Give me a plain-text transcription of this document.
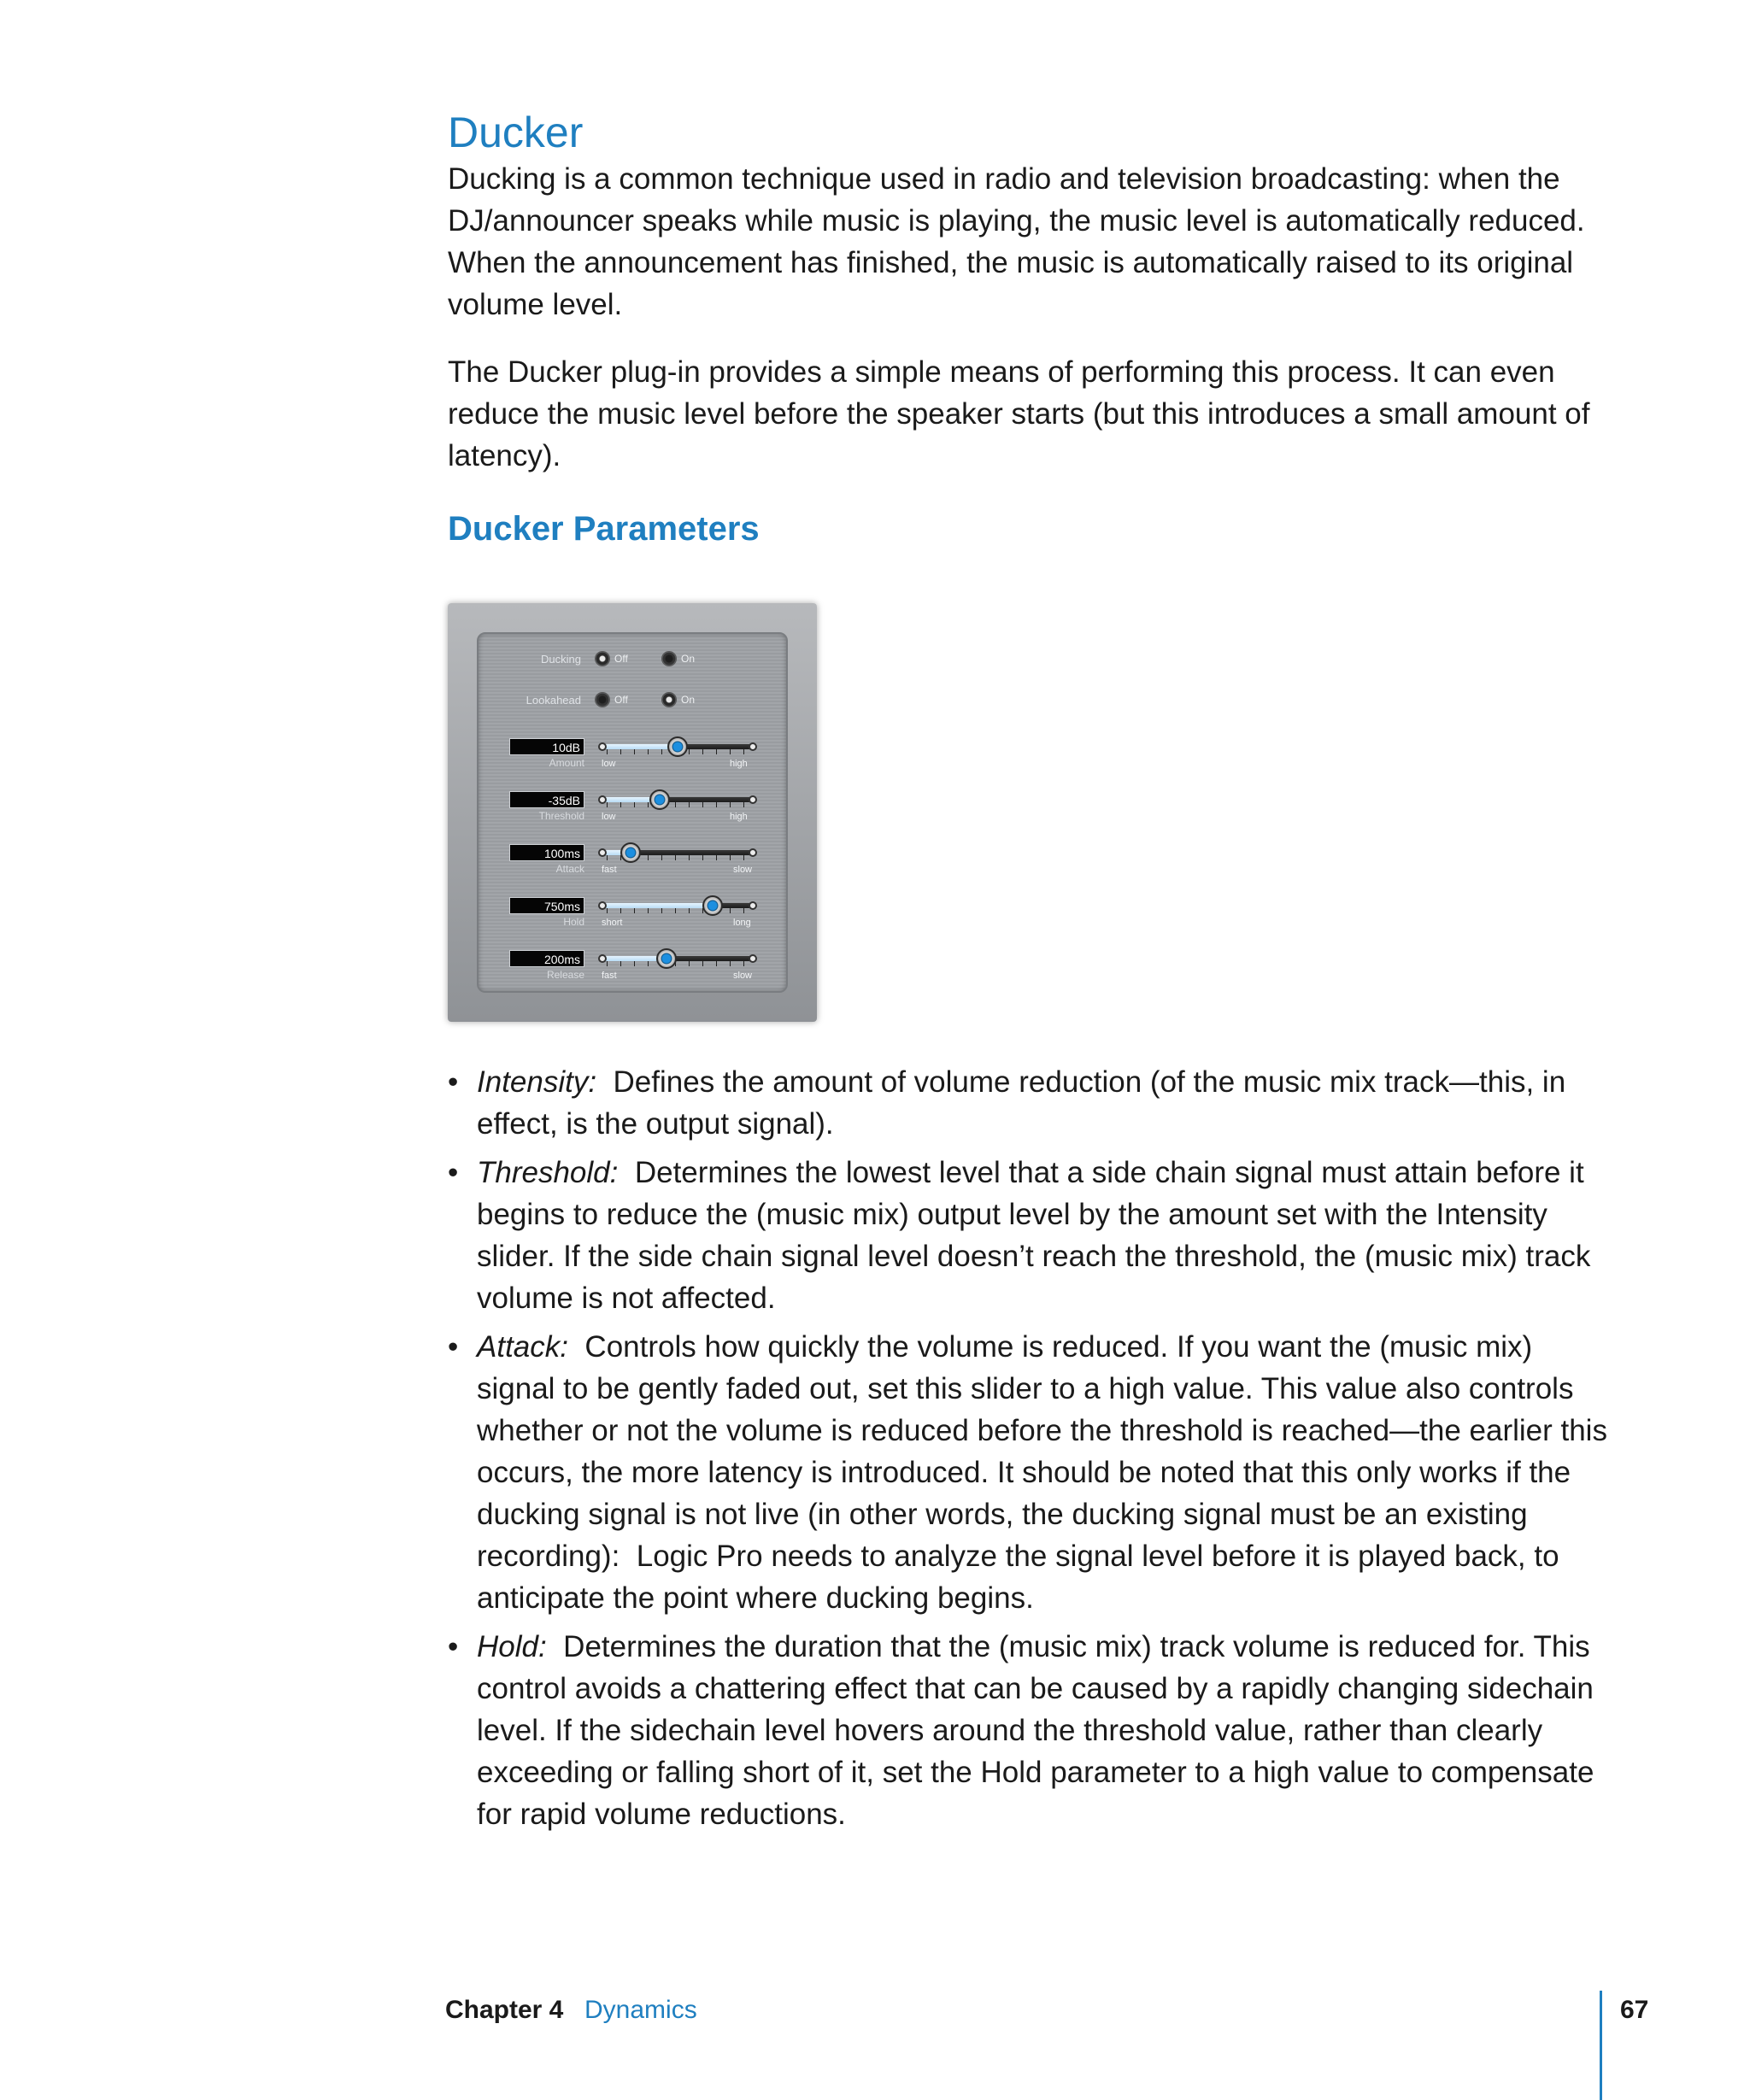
Ducker

Ducking is a common technique used in radio and television broadcasting: when the DJ/announcer speaks while music is playing, the music level is automatically reduced. When the announcement has finished, the music is automatically raised to its original volume level.

The Ducker plug-in provides a simple means of performing this process. It can even reduce the music level before the speaker starts (but this introduces a small amount of latency).

Ducker Parameters
Ducking	Off	On
Lookahead	Off	On
10dB
Amount low	high
-35dB
Threshold low	high
100ms
Attack fast	slow
750ms
Hold short	long
200ms
Release fast	slow
• Intensity:  Defines the amount of volume reduction (of the music mix track—this, in effect, is the output signal).
• Threshold:  Determines the lowest level that a side chain signal must attain before it begins to reduce the (music mix) output level by the amount set with the Intensity slider. If the side chain signal level doesn’t reach the threshold, the (music mix) track volume is not affected.
• Attack:  Controls how quickly the volume is reduced. If you want the (music mix) signal to be gently faded out, set this slider to a high value. This value also controls whether or not the volume is reduced before the threshold is reached—the earlier this occurs, the more latency is introduced. It should be noted that this only works if the ducking signal is not live (in other words, the ducking signal must be an existing recording):  Logic Pro needs to analyze the signal level before it is played back, to anticipate the point where ducking begins.
• Hold:  Determines the duration that the (music mix) track volume is reduced for. This control avoids a chattering effect that can be caused by a rapidly changing sidechain level. If the sidechain level hovers around the threshold value, rather than clearly exceeding or falling short of it, set the Hold parameter to a high value to compensate for rapid volume reductions.
Chapter 4 Dynamics	67
